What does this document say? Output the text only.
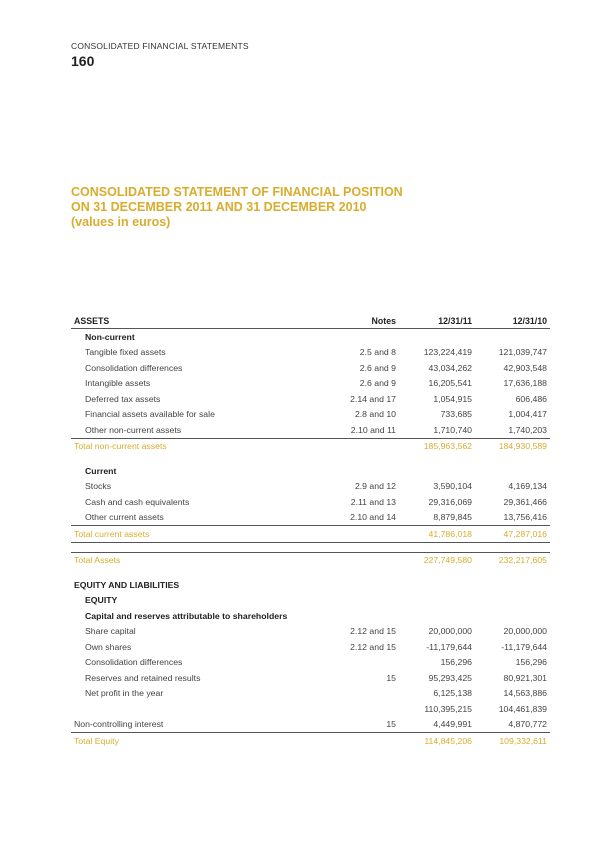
CONSOLIDATED FINANCIAL STATEMENTS
160
CONSOLIDATED STATEMENT OF FINANCIAL POSITION
ON 31 DECEMBER 2011 AND 31 DECEMBER 2010
(values in euros)
ASSETS	Notes	12/31/11	12/31/10
Non-current			
Tangible fixed assets	2.5 and 8	123,224,419	121,039,747
Consolidation differences	2.6 and 9	43,034,262	42,903,548
Intangible assets	2.6 and 9	16,205,541	17,636,188
Deferred tax assets	2.14 and 17	1,054,915	606,486
Financial assets available for sale	2.8 and 10	733,685	1,004,417
Other non-current assets	2.10 and 11	1,710,740	1,740,203
Total non-current assets		185,963,562	184,930,589

Current			
Stocks	2.9 and 12	3,590,104	4,169,134
Cash and cash equivalents	2.11 and 13	29,316,069	29,361,466
Other current assets	2.10 and 14	8,879,845	13,756,416
Total current assets		41,786,018	47,287,016

Total Assets		227,749,580	232,217,605

EQUITY AND LIABILITIES			
EQUITY			
Capital and reserves attributable to shareholders			
Share capital	2.12 and 15	20,000,000	20,000,000
Own shares	2.12 and 15	-11,179,644	-11,179,644
Consolidation differences		156,296	156,296
Reserves and retained results	15	95,293,425	80,921,301
Net profit in the year		6,125,138	14,563,886
		110,395,215	104,461,839
Non-controlling interest	15	4,449,991	4,870,772
Total Equity		114,845,206	109,332,611
